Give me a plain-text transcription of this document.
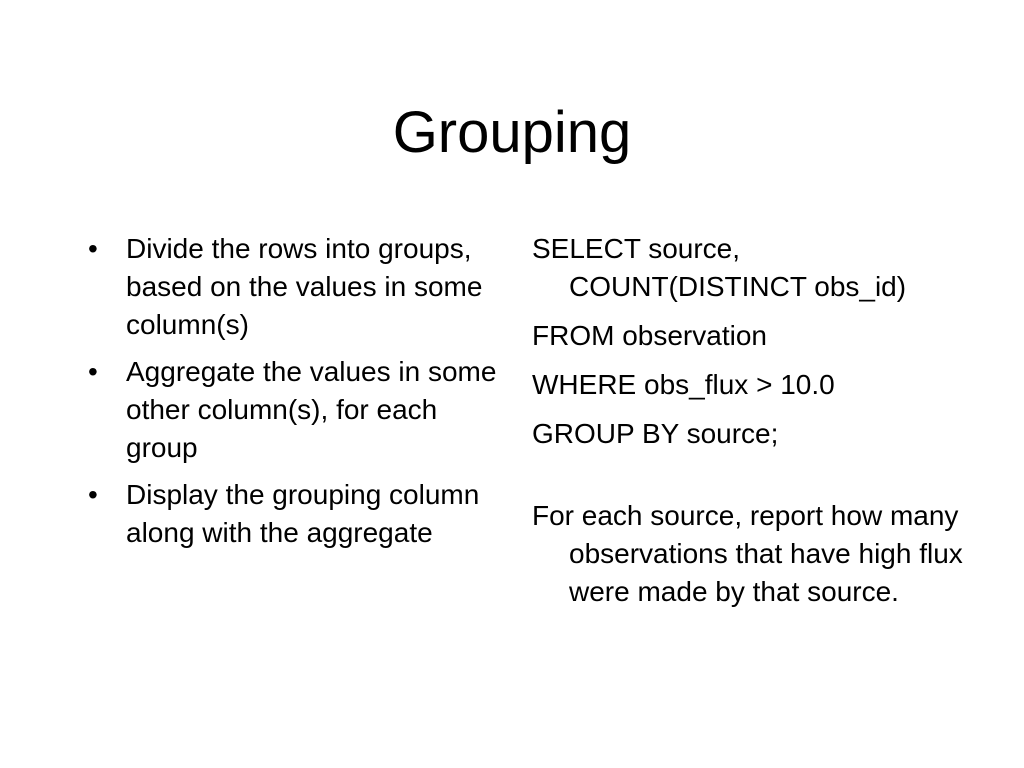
Grouping
• Divide the rows into groups, based on the values in some column(s)
• Aggregate the values in some other column(s), for each group
• Display the grouping column along with the aggregate

SELECT source, COUNT(DISTINCT obs_id)

FROM observation

WHERE obs_flux > 10.0

GROUP BY source;

For each source, report how many observations that have high flux were made by that source.
